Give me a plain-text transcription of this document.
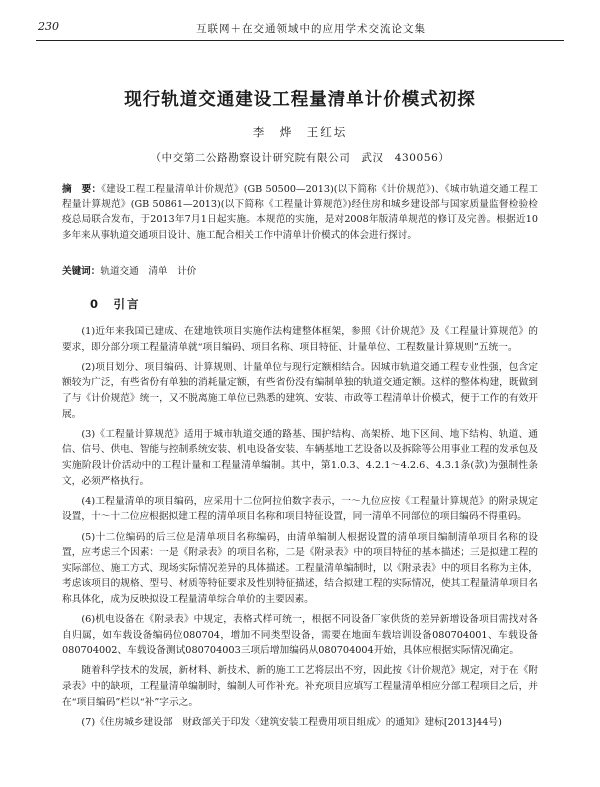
230	互联网＋在交通领域中的应用学术交流论文集
现行轨道交通建设工程量清单计价模式初探
李　烨　王红坛
（中交第二公路勘察设计研究院有限公司　武汉　430056）
摘　要：《建设工程工程量清单计价规范》(GB 50500—2013)(以下简称《计价规范》)、《城市轨道交通工程工程量计算规范》(GB 50861—2013)(以下简称《工程量计算规范》)经住房和城乡建设部与国家质量监督检验检疫总局联合发布，于2013年7月1日起实施。本规范的实施，是对2008年版清单规范的修订及完善。根据近10多年来从事轨道交通项目设计、施工配合相关工作中清单计价模式的体会进行探讨。
关键词：轨道交通　清单　计价
0　引言

(1)近年来我国已建成、在建地铁项目实施作法构建整体框架，参照《计价规范》及《工程量计算规范》的要求，即分部分项工程量清单就“项目编码、项目名称、项目特征、计量单位、工程数量计算规则”五统一。

(2)项目划分、项目编码、计算规则、计量单位与现行定额相结合。因城市轨道交通工程专业性强，包含定额较为广泛，有些省份有单独的消耗量定额，有些省份没有编制单独的轨道交通定额。这样的整体构建，既做到了与《计价规范》统一，又不脱离施工单位已熟悉的建筑、安装、市政等工程清单计价模式，便于工作的有效开展。

(3)《工程量计算规范》适用于城市轨道交通的路基、围护结构、高架桥、地下区间、地下结构、轨道、通信、信号、供电、智能与控制系统安装、机电设备安装、车辆基地工艺设备以及拆除等公用事业工程的发承包及实施阶段计价活动中的工程计量和工程量清单编制。其中，第1.0.3、4.2.1～4.2.6、4.3.1条(款)为强制性条文，必须严格执行。

(4)工程量清单的项目编码，应采用十二位阿拉伯数字表示，一～九位应按《工程量计算规范》的附录规定设置，十～十二位应根据拟建工程的清单项目名称和项目特征设置，同一清单不同部位的项目编码不得重码。

(5)十二位编码的后三位是清单项目名称编码，由清单编制人根据设置的清单项目编制清单项目名称的设置，应考虑三个因素：一是《附录表》的项目名称，二是《附录表》中的项目特征的基本描述；三是拟建工程的实际部位、施工方式、现场实际情况差异的具体描述。工程量清单编制时，以《附录表》中的项目名称为主体，考虑该项目的规格、型号、材质等特征要求及性别特征描述，结合拟建工程的实际情况，使其工程量清单项目名称具体化，成为反映拟设工程量清单综合单价的主要因素。

(6)机电设备在《附录表》中规定，表格式样可统一，根据不同设备厂家供货的差异新增设备项目需找对各自归属，如车载设备编码位080704，增加不同类型设备，需要在地面车载培训设备080704001、车载设备080704002、车载设备测试080704003三项后增加编码从080704004开始，具体应根据实际情况确定。

随着科学技术的发展，新材料、新技术、新的施工工艺将层出不穷，因此按《计价规范》规定，对于在《附录表》中的缺项，工程量清单编制时，编制人可作补充。补充项目应填写工程量清单相应分部工程项目之后，并在“项目编码”栏以“补”字示之。

(7)《住房城乡建设部　财政部关于印发〈建筑安装工程费用项目组成〉的通知》建标[2013]44号)
